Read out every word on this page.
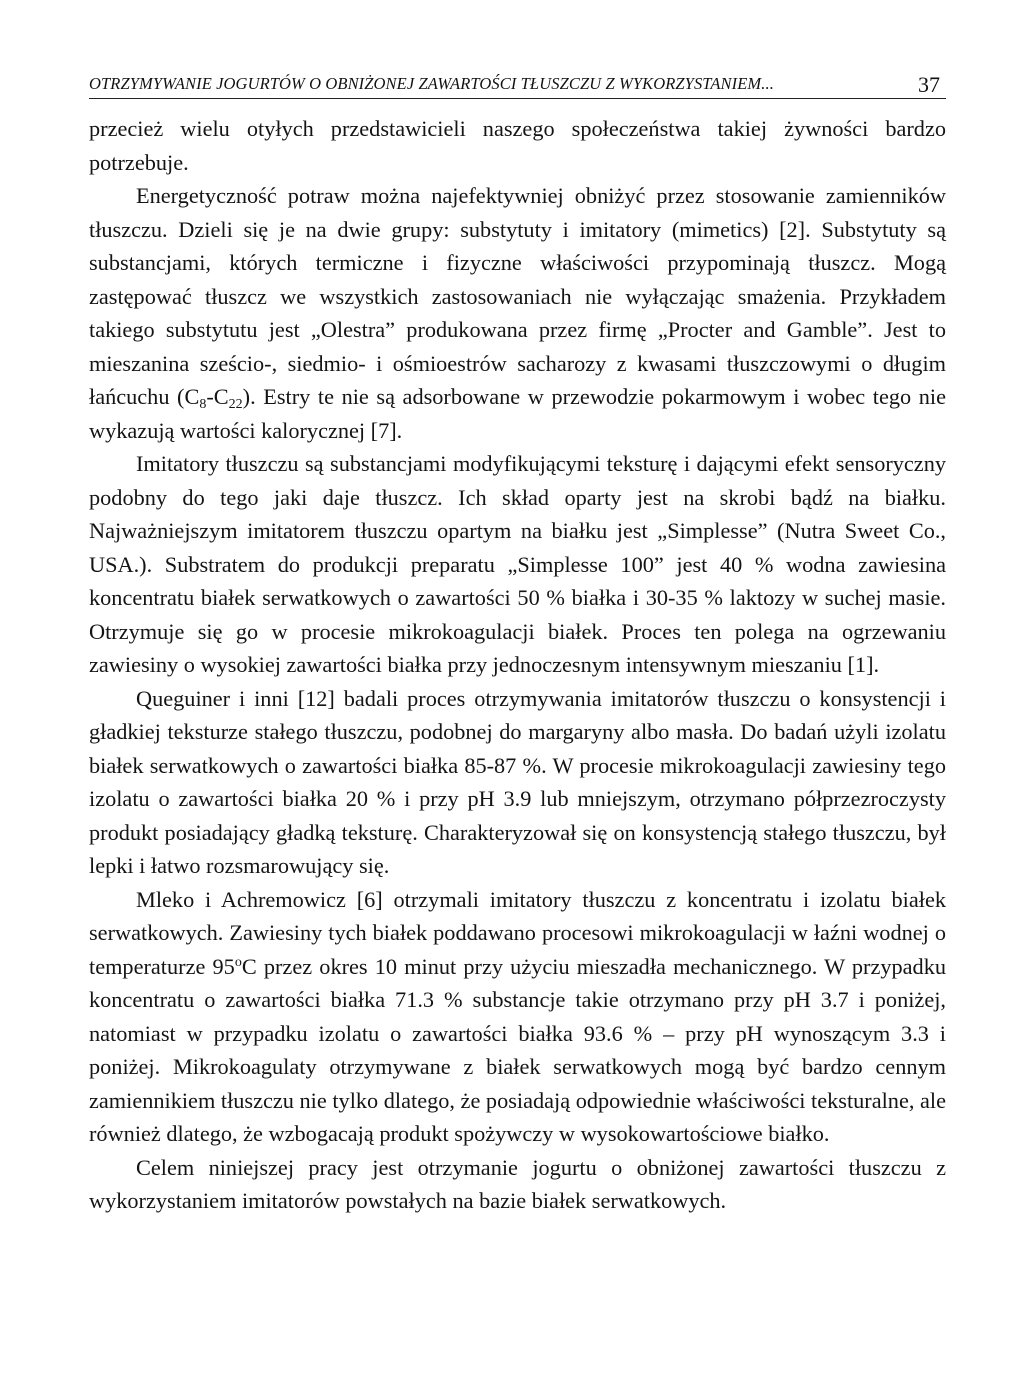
OTRZYMYWANIE JOGURTÓW O OBNIŻONEJ ZAWARTOŚCI TŁUSZCZU Z WYKORZYSTANIEM...	37

przecież wielu otyłych przedstawicieli naszego społeczeństwa takiej żywności bardzo potrzebuje.

Energetyczność potraw można najefektywniej obniżyć przez stosowanie zamienników tłuszczu. Dzieli się je na dwie grupy: substytuty i imitatory (mimetics) [2]. Substytuty są substancjami, których termiczne i fizyczne właściwości przypominają tłuszcz. Mogą zastępować tłuszcz we wszystkich zastosowaniach nie wyłączając smażenia. Przykładem takiego substytutu jest „Olestra” produkowana przez firmę „Procter and Gamble”. Jest to mieszanina sześcio-, siedmio- i ośmioestrów sacharozy z kwasami tłuszczowymi o długim łańcuchu $(C_8-C_{22})$. Estry te nie są adsorbowane w przewodzie pokarmowym i wobec tego nie wykazują wartości kalorycznej [7].

Imitatory tłuszczu są substancjami modyfikującymi teksturę i dającymi efekt sensoryczny podobny do tego jaki daje tłuszcz. Ich skład oparty jest na skrobi bądź na białku. Najważniejszym imitatorem tłuszczu opartym na białku jest „Simplesse” (Nutra Sweet Co., USA.). Substratem do produkcji preparatu „Simplesse 100” jest 40 % wodna zawiesina koncentratu białek serwatkowych o zawartości 50 % białka i 30-35 % laktozy w suchej masie. Otrzymuje się go w procesie mikrokoagulacji białek. Proces ten polega na ogrzewaniu zawiesiny o wysokiej zawartości białka przy jednoczesnym intensywnym mieszaniu [1].

Queguiner i inni [12] badali proces otrzymywania imitatorów tłuszczu o konsystencji i gładkiej teksturze stałego tłuszczu, podobnej do margaryny albo masła. Do badań użyli izolatu białek serwatkowych o zawartości białka 85-87 %. W procesie mikrokoagulacji zawiesiny tego izolatu o zawartości białka 20 % i przy pH 3.9 lub mniejszym, otrzymano półprzezroczysty produkt posiadający gładką teksturę. Charakteryzował się on konsystencją stałego tłuszczu, był lepki i łatwo rozsmarowujący się.

Mleko i Achremowicz [6] otrzymali imitatory tłuszczu z koncentratu i izolatu białek serwatkowych. Zawiesiny tych białek poddawano procesowi mikrokoagulacji w łaźni wodnej o temperaturze 95$^o$C przez okres 10 minut przy użyciu mieszadła mechanicznego. W przypadku koncentratu o zawartości białka 71.3 % substancje takie otrzymano przy pH 3.7 i poniżej, natomiast w przypadku izolatu o zawartości białka 93.6 % – przy pH wynoszącym 3.3 i poniżej. Mikrokoagulaty otrzymywane z białek serwatkowych mogą być bardzo cennym zamiennikiem tłuszczu nie tylko dlatego, że posiadają odpowiednie właściwości teksturalne, ale również dlatego, że wzbogacają produkt spożywczy w wysokowartościowe białko.

Celem niniejszej pracy jest otrzymanie jogurtu o obniżonej zawartości tłuszczu z wykorzystaniem imitatorów powstałych na bazie białek serwatkowych.
